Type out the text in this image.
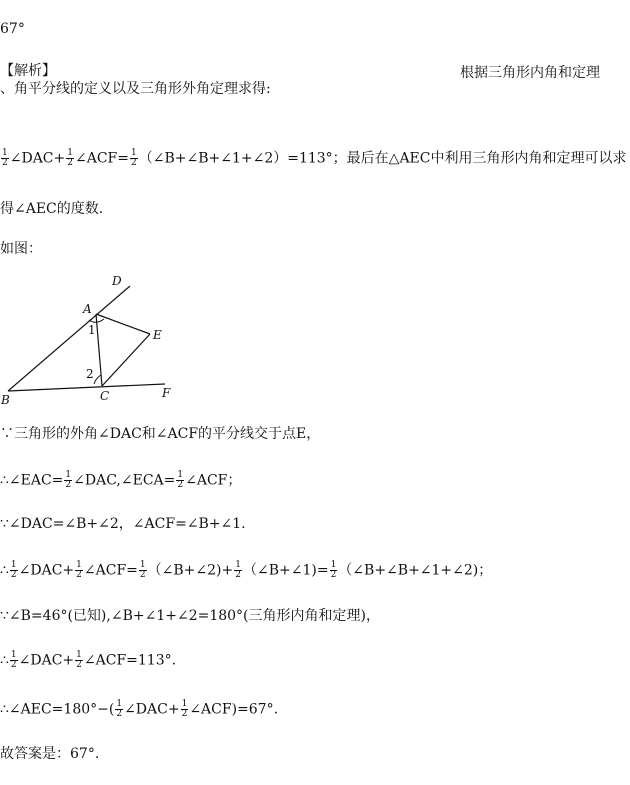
67°
【解析】	根据三角形内角和定理
、角平分线的定义以及三角形外角定理求得:
$\frac{1}{2}$ ∠DAC+ $\frac{1}{2}$ ∠ACF= $\frac{1}{2}$ （∠B+∠B+∠1+∠2）=113°；最后在△AEC中利用三角形内角和定理可以求
得∠AEC的度数.
如图：
D
A
E
1
2
B	C	F
∵三角形的外角∠DAC和∠ACF的平分线交于点E，
∴∠EAC= $\frac{1}{2}$ ∠DAC,∠ECA= $\frac{1}{2}$ ∠ACF；
∵∠DAC=∠B+∠2，∠ACF=∠B+∠1.
∴ $\frac{1}{2}$ ∠DAC+ $\frac{1}{2}$ ∠ACF= $\frac{1}{2}$ （∠B+∠2)+ $\frac{1}{2}$ （∠B+∠1)= $\frac{1}{2}$ （∠B+∠B+∠1+∠2)；
∵∠B=46°(已知),∠B+∠1+∠2=180°(三角形内角和定理)，
∴ $\frac{1}{2}$ ∠DAC+ $\frac{1}{2}$ ∠ACF=113°.
∴∠AEC=180°−( $\frac{1}{2}$ ∠DAC+ $\frac{1}{2}$ ∠ACF)=67°.
故答案是：67°.
